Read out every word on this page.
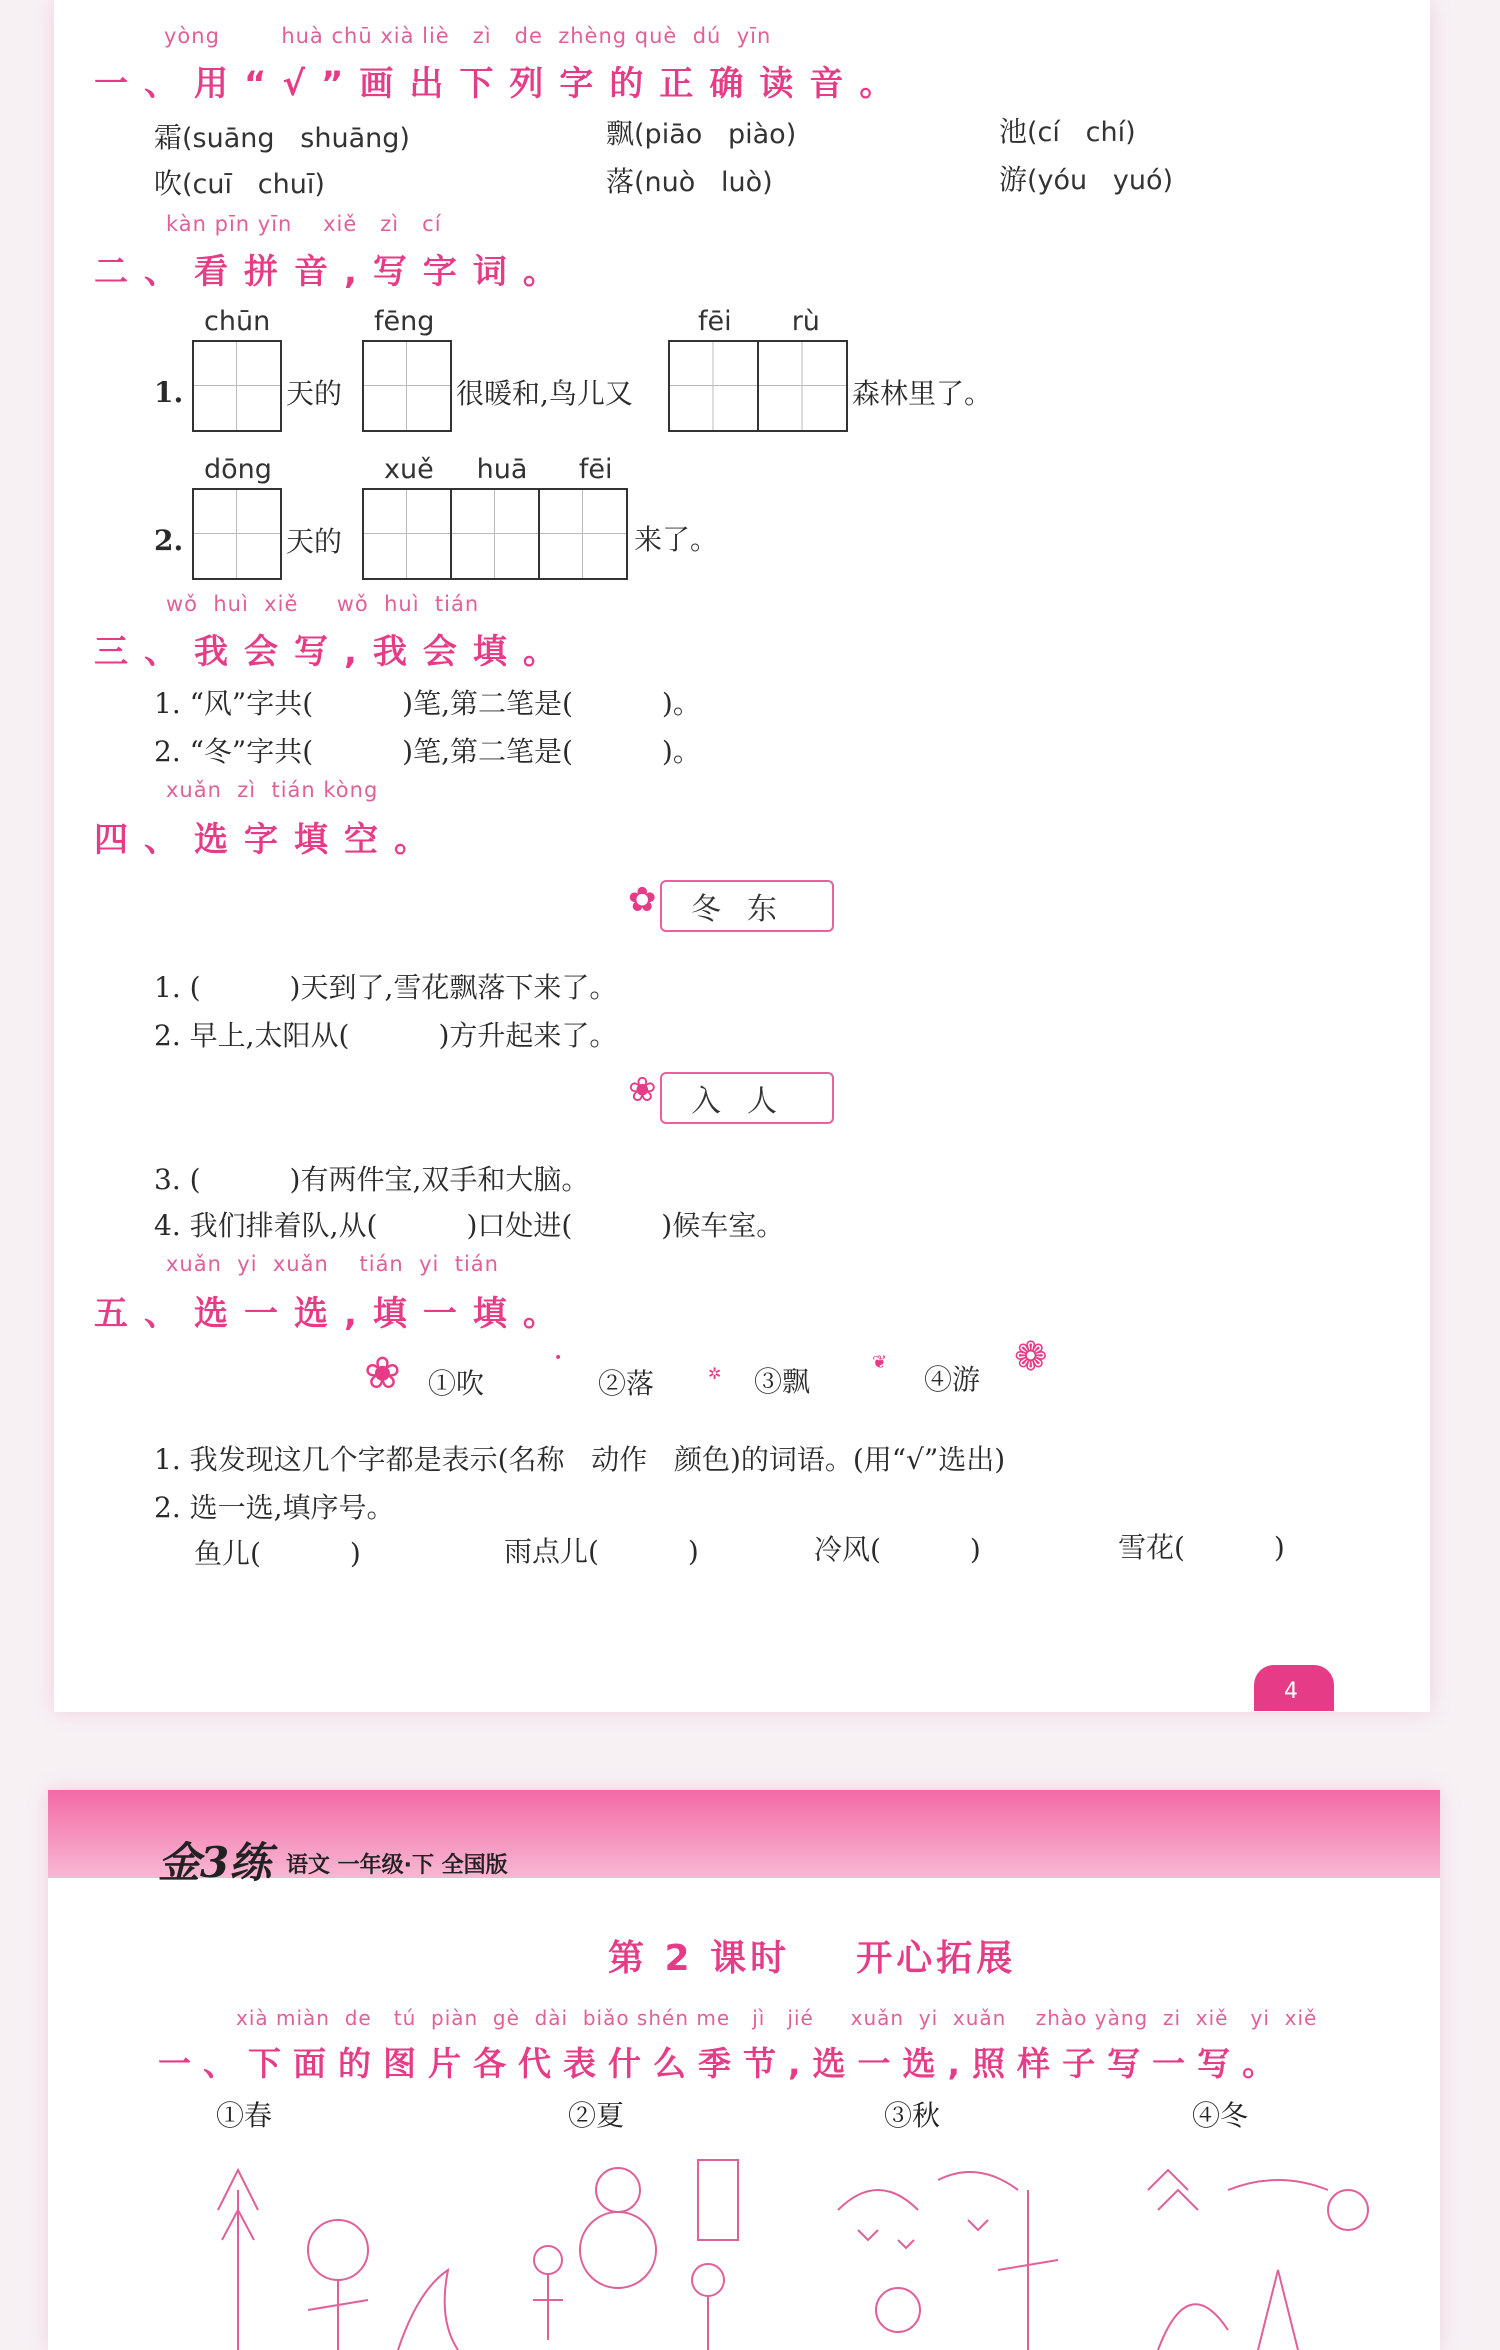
yòng        huà chū xià liè   zì   de  zhèng què  dú  yīn
一、用“√”画出下列字的正确读音。
霜(suāng   shuāng)	飘(piāo   piào)	池(cí   chí)
吹(cuī   chuī)	落(nuò   luò)	游(yóu   yuó)
kàn pīn yīn    xiě   zì   cí
二、看拼音,写字词。
chūn	fēng	fēi       rù
1.	天的	很暖和,鸟儿又	森林里了。
dōng	xuě     huā      fēi
2.	天的	来了。
wǒ  huì  xiě     wǒ  huì  tián
三、我会写,我会填。
1. “风”字共(          )笔,第二笔是(          )。
2. “冬”字共(          )笔,第二笔是(          )。
xuǎn  zì  tián kòng
四、选字填空。
✿	冬东
1. (          )天到了,雪花飘落下来了。
2. 早上,太阳从(          )方升起来了。
❀	入人
3. (          )有两件宝,双手和大脑。
4. 我们排着队,从(          )口处进(          )候车室。
xuǎn  yi  xuǎn    tián  yi  tián
五、选一选,填一填。
❀ ①吹
•
②落	✲ ③飘
❦
④游 ❁
1. 我发现这几个字都是表示(名称   动作   颜色)的词语。(用“√”选出)
2. 选一选,填序号。
鱼儿(          )	雨点儿(          )	冷风(          )	雪花(          )
4
金3练 语文 一年级·下 全国版
第 2 课时    开心拓展
xià miàn  de   tú  piàn  gè  dài  biǎo shén me   jì   jié     xuǎn  yi  xuǎn    zhào yàng  zi  xiě   yi  xiě
一、下面的图片各代表什么季节,选一选,照样子写一写。
①春	②夏	③秋	④冬
